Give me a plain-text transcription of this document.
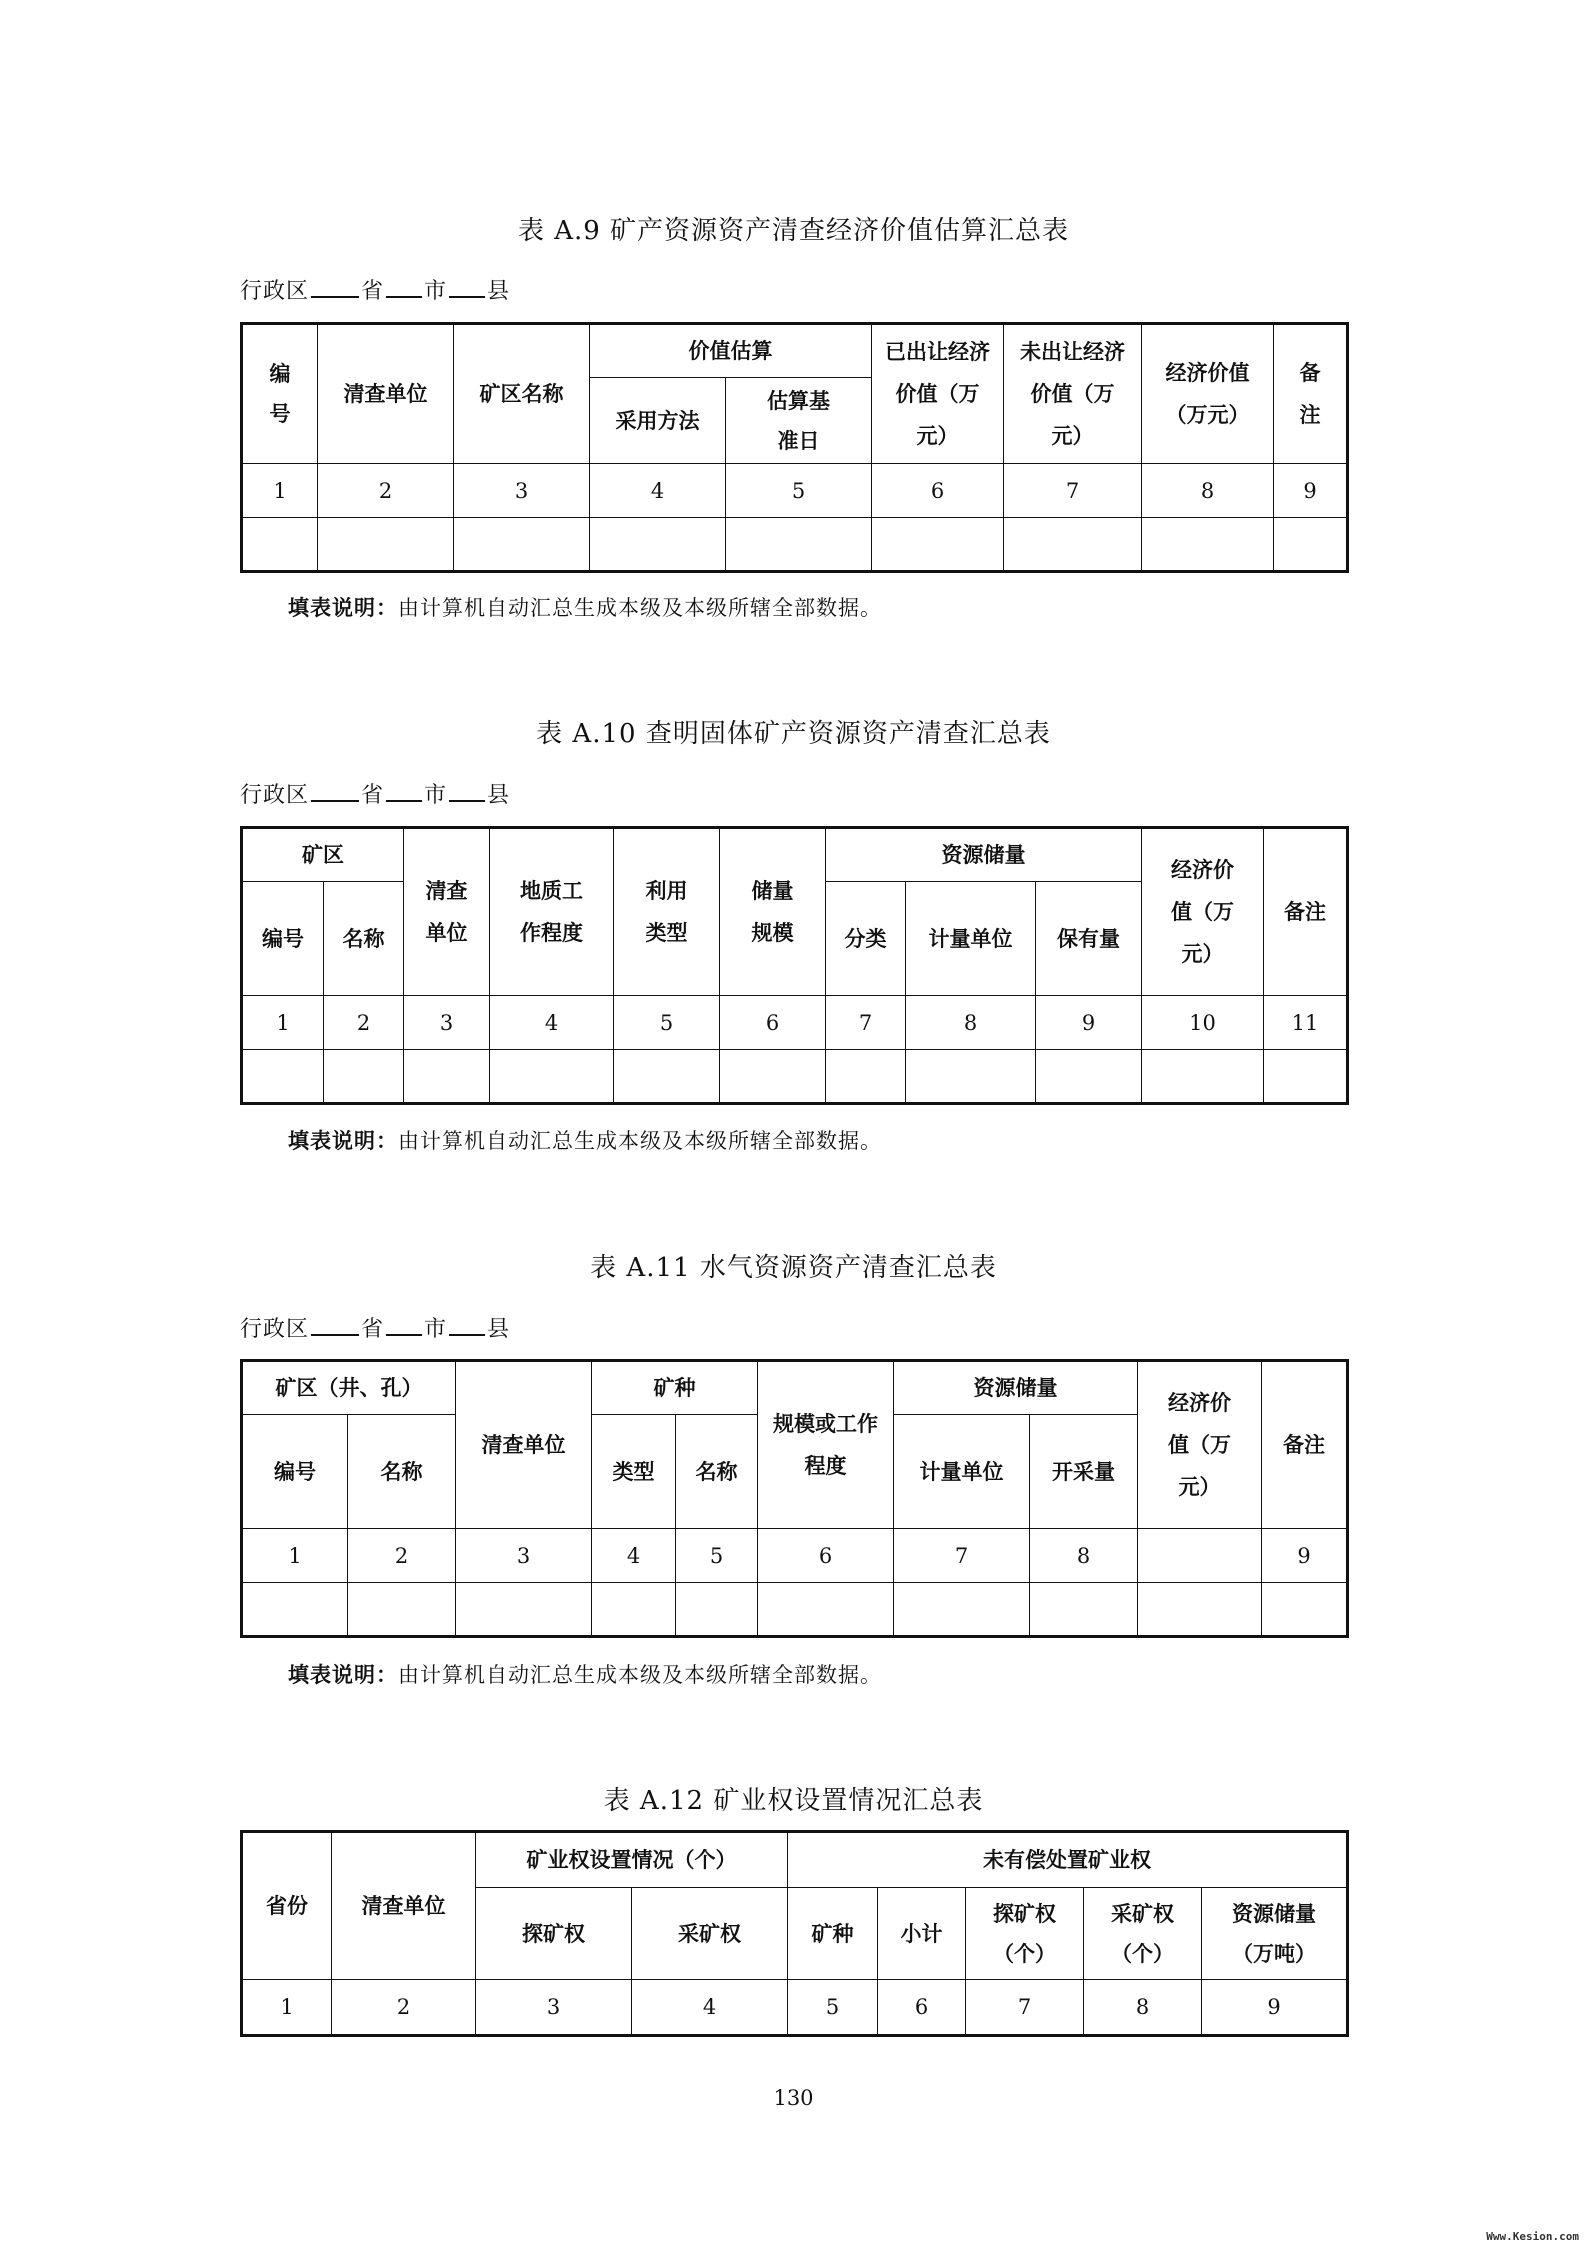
表 A.9 矿产资源资产清查经济价值估算汇总表
行政区 省 市 县
编号	清查单位	矿区名称	价值估算		已出让经济价值（万元）	未出让经济价值（万元）	经济价值（万元）	备注

			采用方法	估算基准日				

1	2	3	4	5	6	7	8	9

填表说明：由计算机自动汇总生成本级及本级所辖全部数据。
表 A.10 查明固体矿产资源资产清查汇总表
行政区 省 市 县
矿区		清查单位	地质工作程度	利用类型	储量规模	资源储量			经济价值（万元）	备注
编号	名称					分类	计量单位	保有量		
1	2	3	4	5	6	7	8	9	10	11

填表说明：由计算机自动汇总生成本级及本级所辖全部数据。
表 A.11 水气资源资产清查汇总表
行政区 省 市 县
矿区（井、孔）		清查单位	矿种		规模或工作程度	资源储量		经济价值（万元）	备注
编号	名称		类型	名称		计量单位	开采量		
1	2	3	4	5	6	7	8		9

填表说明：由计算机自动汇总生成本级及本级所辖全部数据。
表 A.12 矿业权设置情况汇总表
省份	清查单位	矿业权设置情况（个）		未有偿处置矿业权				
		探矿权	采矿权	矿种	小计	探矿权（个）	采矿权（个）	资源储量（万吨）

1	2	3	4	5	6	7	8	9
130
Www.Kesion.com
